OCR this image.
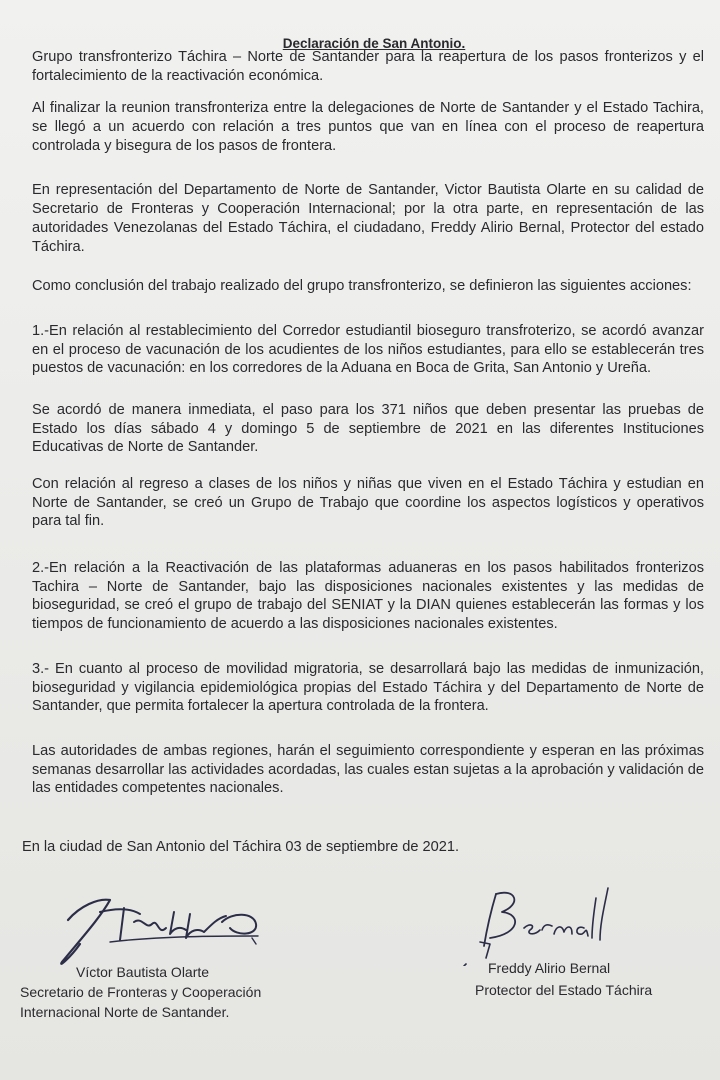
Declaración de San Antonio.

Grupo transfronterizo Táchira – Norte de Santander para la reapertura de los pasos fronterizos y el fortalecimiento de la reactivación económica.

Al finalizar la reunion transfronteriza entre la delegaciones de Norte de Santander y el Estado Tachira, se llegó a un acuerdo con relación a tres puntos que van en línea con el proceso de reapertura controlada y bisegura de los pasos de frontera.

En representación del Departamento de Norte de Santander, Victor Bautista Olarte en su calidad de Secretario de Fronteras y Cooperación Internacional; por la otra parte, en representación de las autoridades Venezolanas del Estado Táchira, el ciudadano, Freddy Alirio Bernal, Protector del estado Táchira.

Como conclusión del trabajo realizado del grupo transfronterizo, se definieron las siguientes acciones:

1.-En relación al restablecimiento del Corredor estudiantil bioseguro transfroterizo, se acordó avanzar en el proceso de vacunación de los acudientes de los niños estudiantes, para ello se establecerán tres puestos de vacunación: en los corredores de la Aduana en Boca de Grita, San Antonio y Ureña.

Se acordó de manera inmediata, el paso para los 371 niños que deben presentar las pruebas de Estado los días sábado 4 y domingo 5 de septiembre de 2021 en las diferentes Instituciones Educativas de Norte de Santander.

Con relación al regreso a clases de los niños y niñas que viven en el Estado Táchira y estudian en Norte de Santander, se creó un Grupo de Trabajo que coordine los aspectos logísticos y operativos para tal fin.

2.-En relación a la Reactivación de las plataformas aduaneras en los pasos habilitados fronterizos Tachira – Norte de Santander, bajo las disposiciones nacionales existentes y las medidas de bioseguridad, se creó el grupo de trabajo del SENIAT y la DIAN quienes establecerán las formas y los tiempos de funcionamiento de acuerdo a las disposiciones nacionales existentes.

3.- En cuanto al proceso de movilidad migratoria, se desarrollará bajo las medidas de inmunización, bioseguridad y vigilancia epidemiológica propias del Estado Táchira y del Departamento de Norte de Santander, que permita fortalecer la apertura controlada de la frontera.

Las autoridades de ambas regiones, harán el seguimiento correspondiente y esperan en las próximas semanas desarrollar las actividades acordadas, las cuales estan sujetas a la aprobación y validación de las entidades competentes nacionales.

En la ciudad de San Antonio del Táchira 03 de septiembre de 2021.

Víctor Bautista Olarte

Secretario de Fronteras y Cooperación

Internacional Norte de Santander.

Freddy Alirio Bernal

Protector del Estado Táchira
